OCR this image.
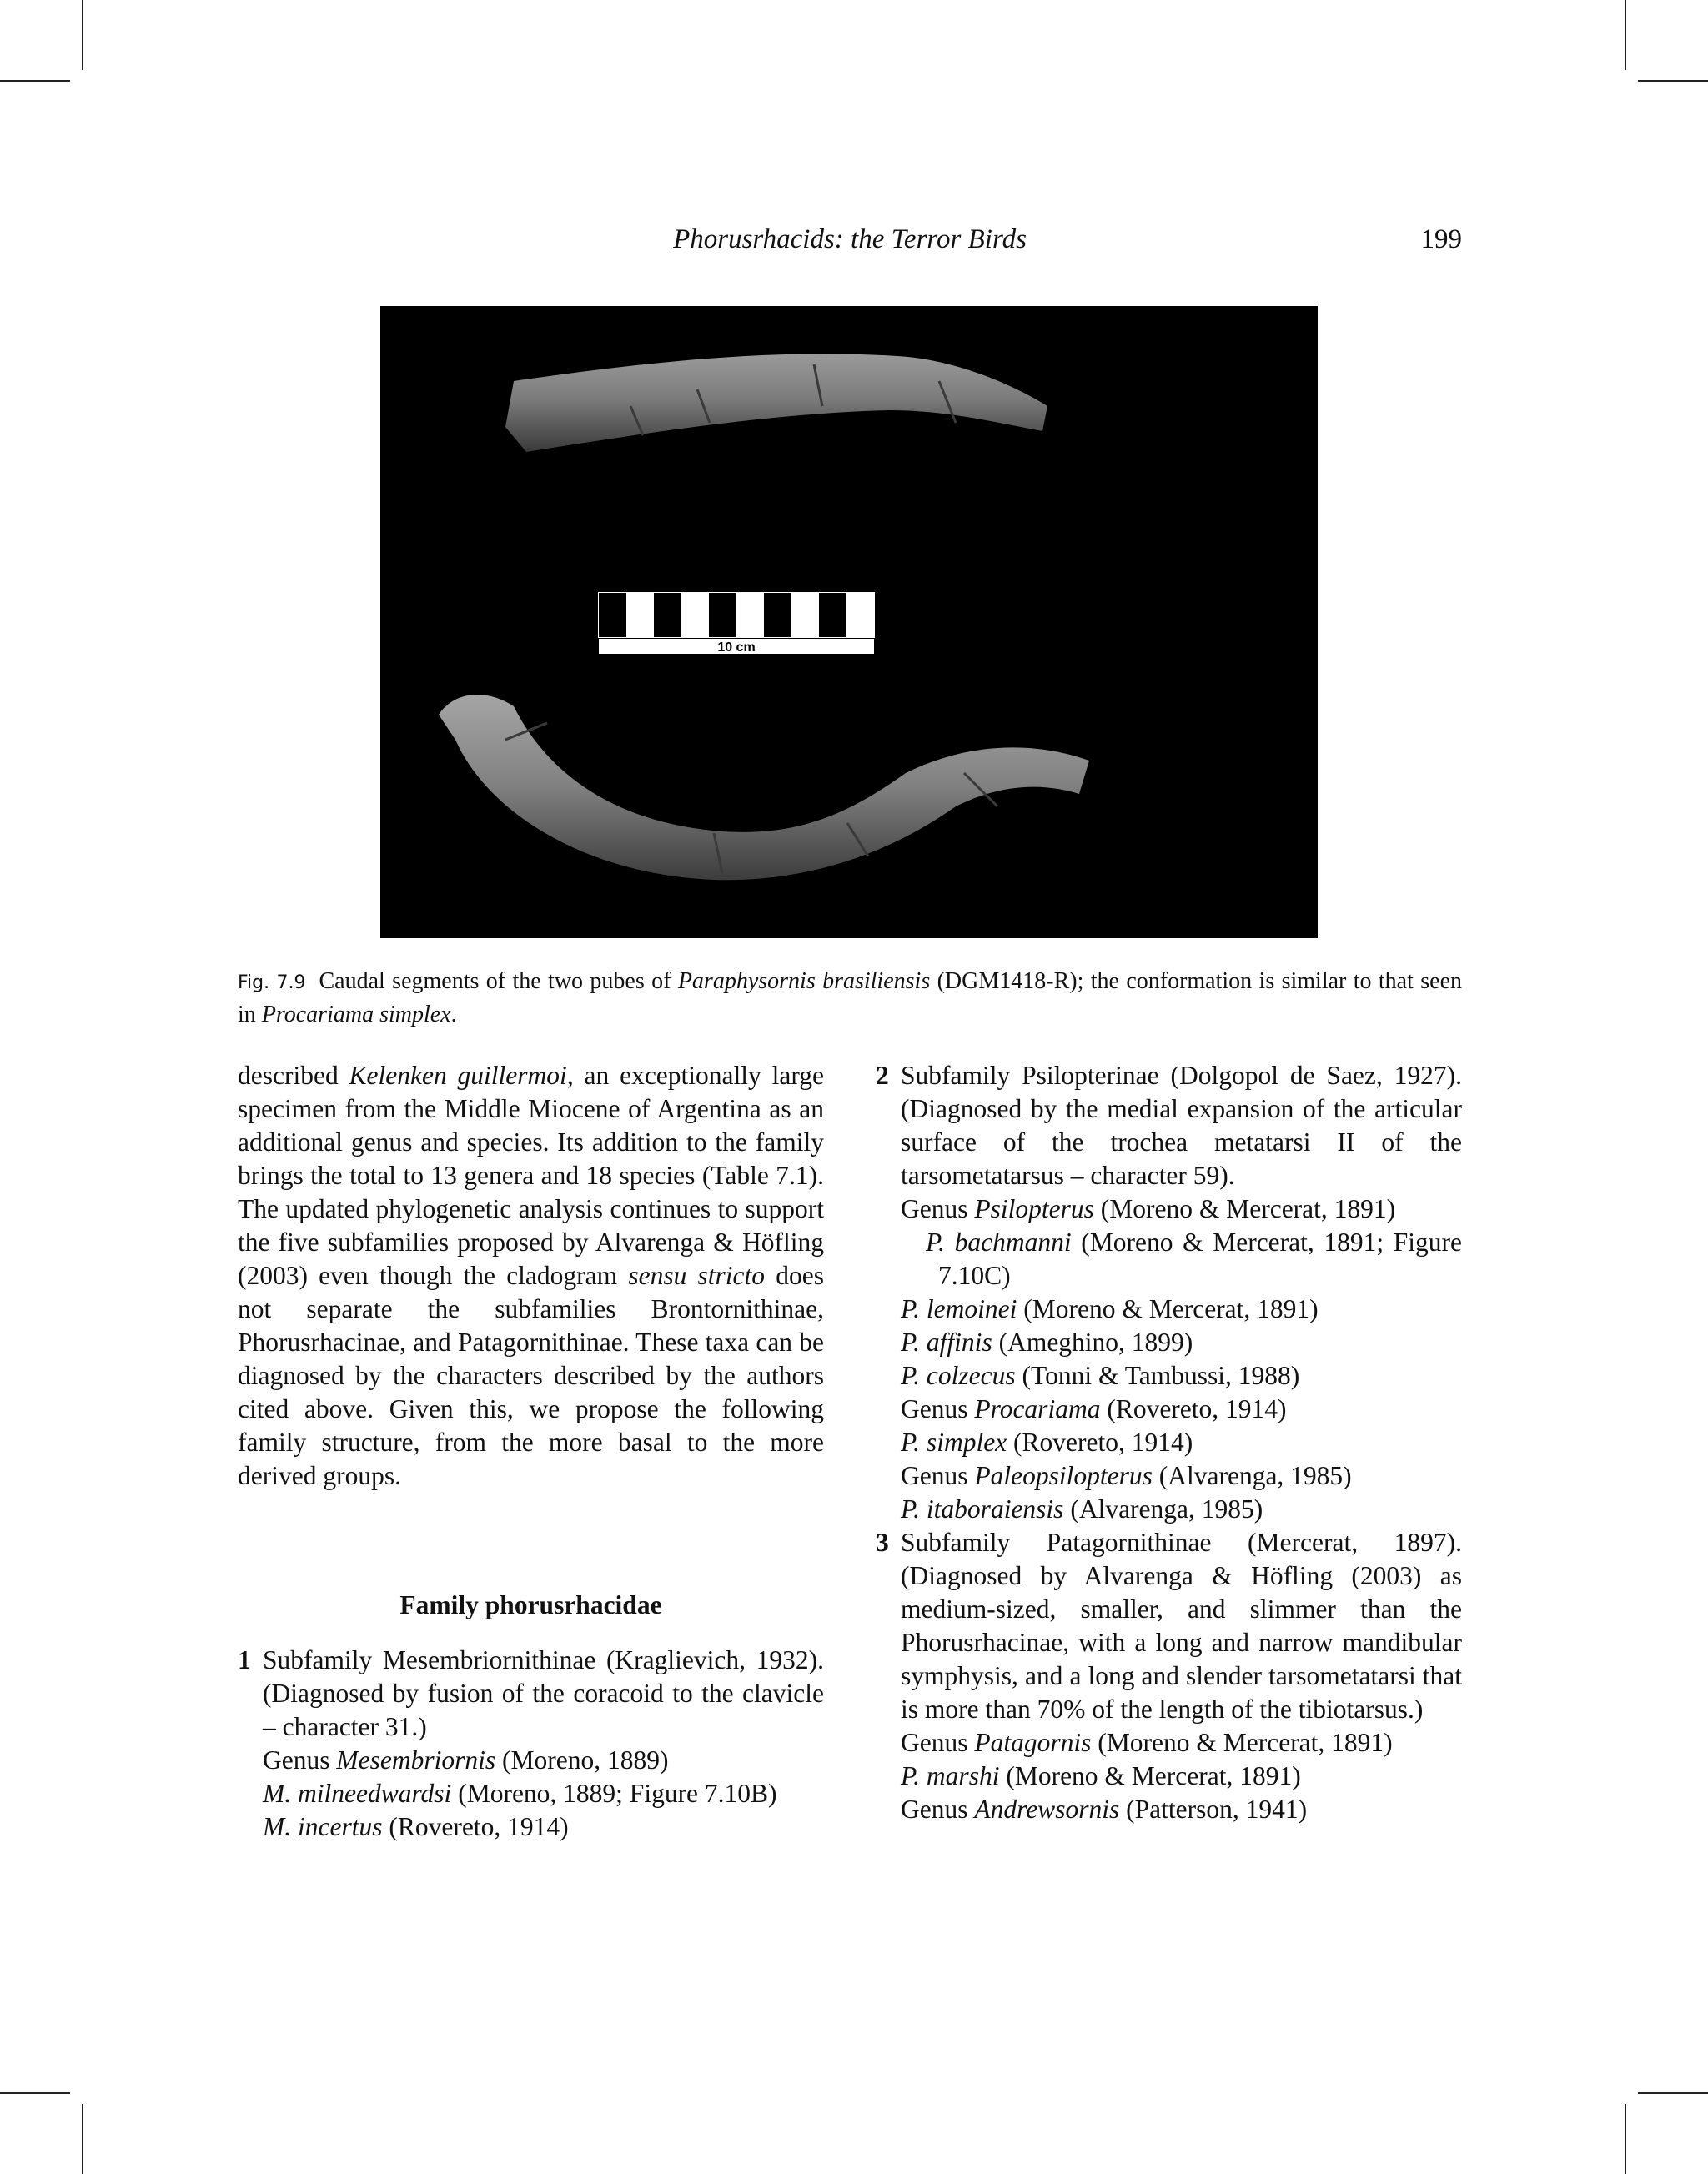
Phorusrhacids: the Terror Birds	199
10 cm
Fig. 7.9 Caudal segments of the two pubes of Paraphysornis brasiliensis (DGM1418-R); the conformation is similar to that seen in Procariama simplex.

described Kelenken guillermoi, an exceptionally large specimen from the Middle Miocene of Argentina as an additional genus and species. Its addition to the family brings the total to 13 genera and 18 species (Table 7.1). The updated phylogenetic analysis continues to support the five subfamilies proposed by Alvarenga & Höfling (2003) even though the cladogram sensu stricto does not separate the subfamilies Brontornithinae, Phorusrhacinae, and Patagornithinae. These taxa can be diagnosed by the characters described by the authors cited above. Given this, we propose the following family structure, from the more basal to the more derived groups.

Family phorusrhacidae

1 Subfamily Mesembriornithinae (Kraglievich, 1932). (Diagnosed by fusion of the coracoid to the clavicle – character 31.)
Genus Mesembriornis (Moreno, 1889)
M. milneedwardsi (Moreno, 1889; Figure 7.10B)
M. incertus (Rovereto, 1914)
2 Subfamily Psilopterinae (Dolgopol de Saez, 1927). (Diagnosed by the medial expansion of the articular surface of the trochea metatarsi II of the tarsometatarsus – character 59).
Genus Psilopterus (Moreno & Mercerat, 1891)
P. bachmanni (Moreno & Mercerat, 1891; Figure 7.10C)
P. lemoinei (Moreno & Mercerat, 1891)
P. affinis (Ameghino, 1899)
P. colzecus (Tonni & Tambussi, 1988)
Genus Procariama (Rovereto, 1914)
P. simplex (Rovereto, 1914)
Genus Paleopsilopterus (Alvarenga, 1985)
P. itaboraiensis (Alvarenga, 1985)
3 Subfamily Patagornithinae (Mercerat, 1897). (Diagnosed by Alvarenga & Höfling (2003) as medium-sized, smaller, and slimmer than the Phorusrhacinae, with a long and narrow mandibular symphysis, and a long and slender tarsometatarsi that is more than 70% of the length of the tibiotarsus.)
Genus Patagornis (Moreno & Mercerat, 1891)
P. marshi (Moreno & Mercerat, 1891)
Genus Andrewsornis (Patterson, 1941)
